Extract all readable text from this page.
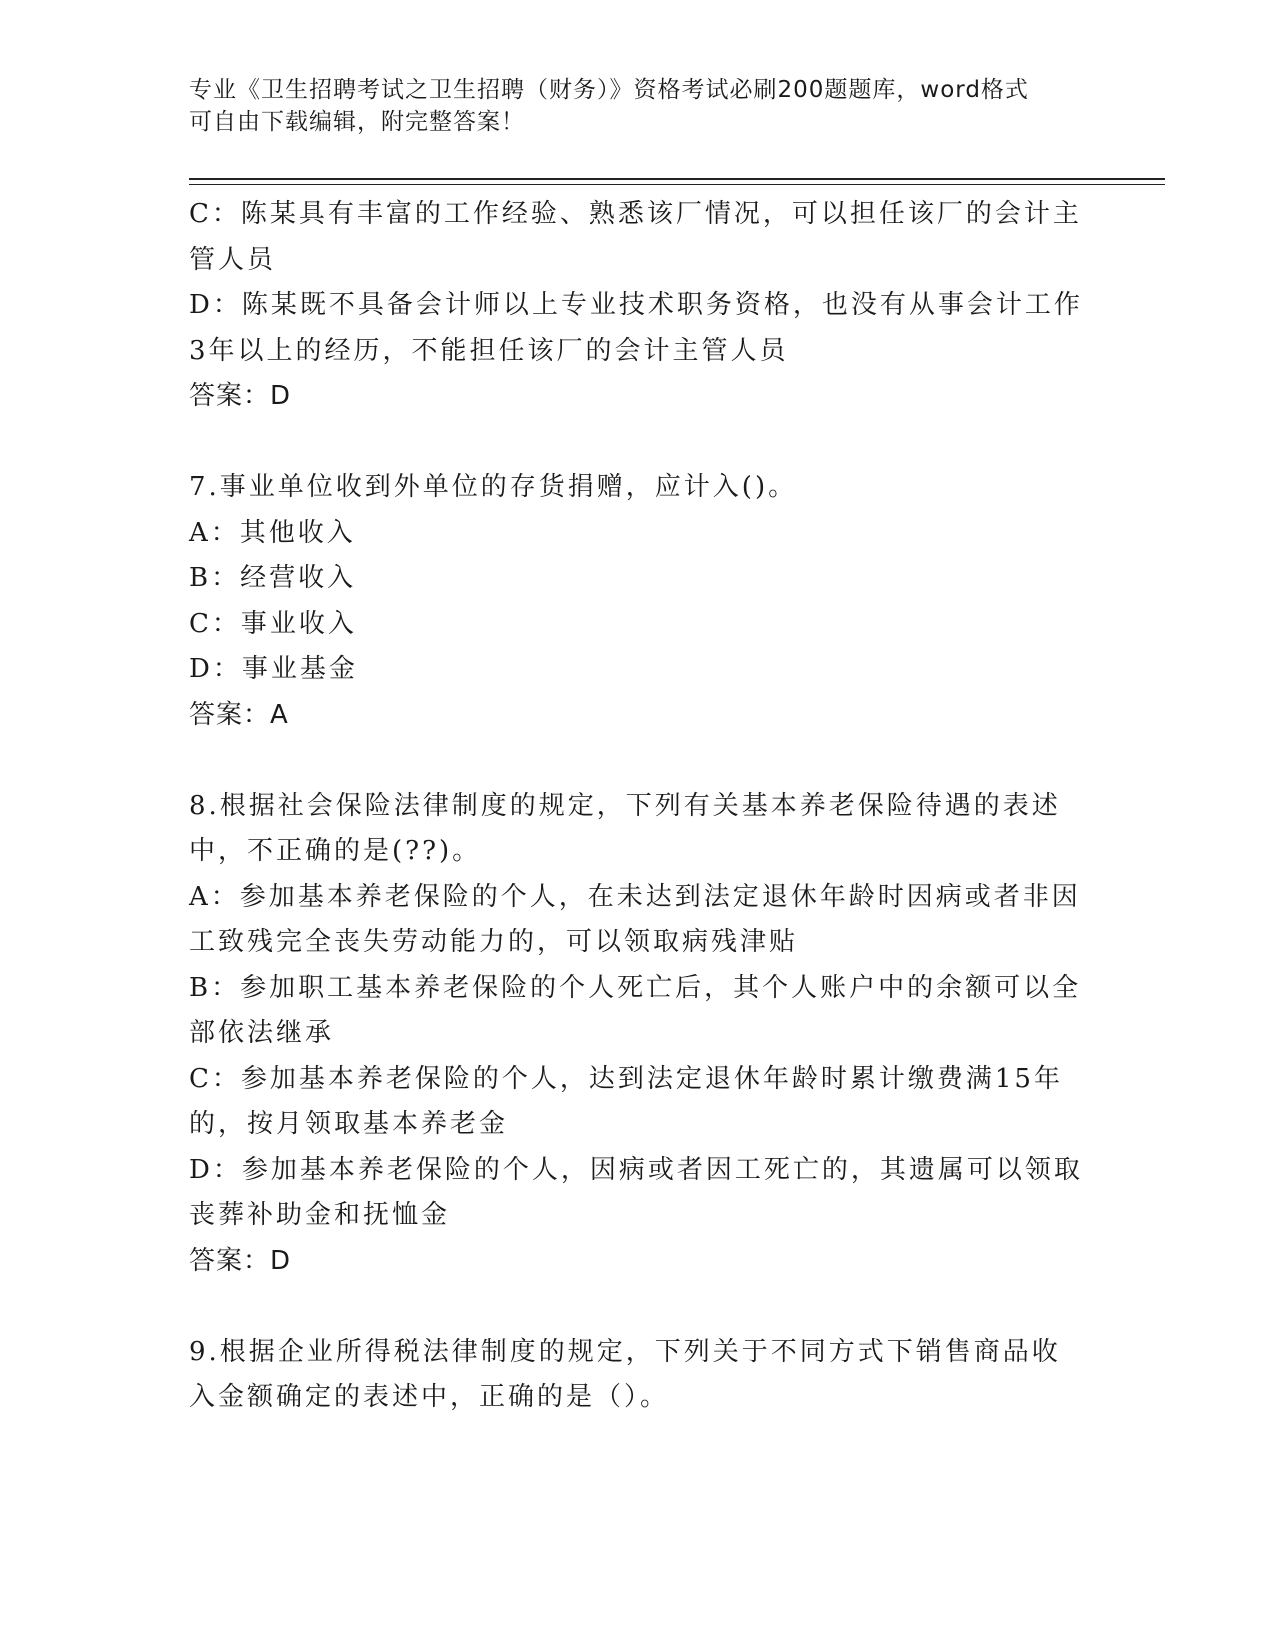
专业《卫生招聘考试之卫生招聘（财务）》资格考试必刷200题题库，word格式
可自由下载编辑，附完整答案！
C：陈某具有丰富的工作经验、熟悉该厂情况，可以担任该厂的会计主
管人员
D：陈某既不具备会计师以上专业技术职务资格，也没有从事会计工作
3年以上的经历，不能担任该厂的会计主管人员
答案：D
7.事业单位收到外单位的存货捐赠，应计入()。
A：其他收入
B：经营收入
C：事业收入
D：事业基金
答案：A
8.根据社会保险法律制度的规定，下列有关基本养老保险待遇的表述
中，不正确的是(??)。
A：参加基本养老保险的个人，在未达到法定退休年龄时因病或者非因
工致残完全丧失劳动能力的，可以领取病残津贴
B：参加职工基本养老保险的个人死亡后，其个人账户中的余额可以全
部依法继承
C：参加基本养老保险的个人，达到法定退休年龄时累计缴费满15年
的，按月领取基本养老金
D：参加基本养老保险的个人，因病或者因工死亡的，其遗属可以领取
丧葬补助金和抚恤金
答案：D
9.根据企业所得税法律制度的规定，下列关于不同方式下销售商品收
入金额确定的表述中，正确的是（）。
